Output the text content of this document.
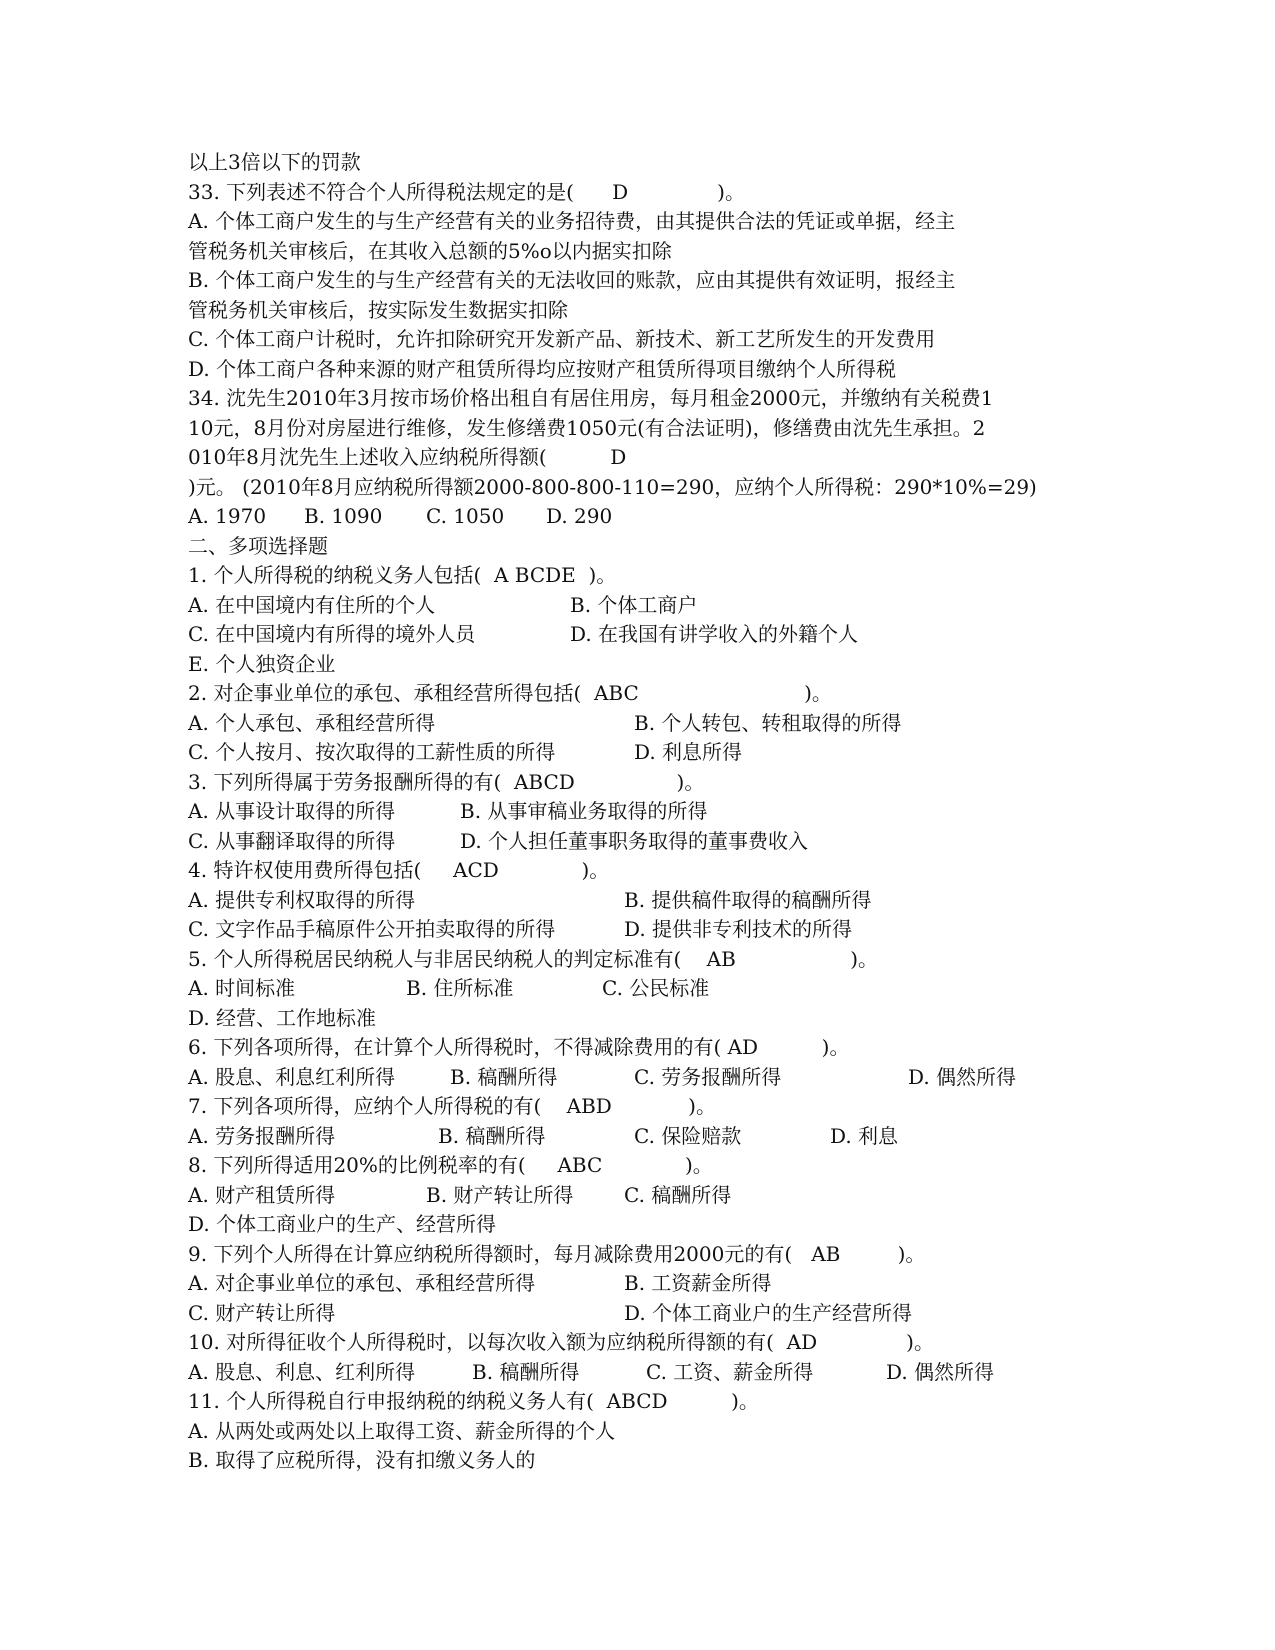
以上3倍以下的罚款
33. 下列表述不符合个人所得税法规定的是(      D              )。
A. 个体工商户发生的与生产经营有关的业务招待费，由其提供合法的凭证或单据，经主
管税务机关审核后，在其收入总额的5%o以内据实扣除
B. 个体工商户发生的与生产经营有关的无法收回的账款，应由其提供有效证明，报经主
管税务机关审核后，按实际发生数据实扣除
C. 个体工商户计税时，允许扣除研究开发新产品、新技术、新工艺所发生的开发费用
D. 个体工商户各种来源的财产租赁所得均应按财产租赁所得项目缴纳个人所得税
34. 沈先生2010年3月按市场价格出租自有居住用房，每月租金2000元，并缴纳有关税费1
10元，8月份对房屋进行维修，发生修缮费1050元(有合法证明)，修缮费由沈先生承担。2
010年8月沈先生上述收入应纳税所得额(          D
)元。 (2010年8月应纳税所得额2000-800-800-110=290，应纳个人所得税：290*10%=29)

A. 1970

B. 1090

C. 1050

D. 290

二、多项选择题
1. 个人所得税的纳税义务人包括(  A BCDE  )。

A. 在中国境内有住所的个人

	B. 个体工商户

C. 在中国境内有所得的境外人员

	D. 在我国有讲学收入的外籍个人

E. 个人独资企业
2. 对企事业单位的承包、承租经营所得包括(  ABC                          )。

A. 个人承包、承租经营所得

	B. 个人转包、转租取得的所得

C. 个人按月、按次取得的工薪性质的所得

	D. 利息所得

3. 下列所得属于劳务报酬所得的有(  ABCD                )。

A. 从事设计取得的所得

	B. 从事审稿业务取得的所得

C. 从事翻译取得的所得

	D. 个人担任董事职务取得的董事费收入

4. 特许权使用费所得包括(     ACD             )。

A. 提供专利权取得的所得

	B. 提供稿件取得的稿酬所得

C. 文字作品手稿原件公开拍卖取得的所得

	D. 提供非专利技术的所得

5. 个人所得税居民纳税人与非居民纳税人的判定标准有(    AB                  )。

A. 时间标准

	B. 住所标准

	C. 公民标准

D. 经营、工作地标准
6. 下列各项所得，在计算个人所得税时，不得减除费用的有( AD          )。

A. 股息、利息红利所得

	B. 稿酬所得

	C. 劳务报酬所得

	D. 偶然所得

7. 下列各项所得，应纳个人所得税的有(    ABD            )。

A. 劳务报酬所得

	B. 稿酬所得

	C. 保险赔款

	D. 利息

8. 下列所得适用20%的比例税率的有(     ABC             )。

A. 财产租赁所得

	B. 财产转让所得

	C. 稿酬所得

D. 个体工商业户的生产、经营所得
9. 下列个人所得在计算应纳税所得额时，每月减除费用2000元的有(   AB         )。

A. 对企事业单位的承包、承租经营所得

	B. 工资薪金所得

C. 财产转让所得

	D. 个体工商业户的生产经营所得

10. 对所得征收个人所得税时，以每次收入额为应纳税所得额的有(  AD              )。

A. 股息、利息、红利所得

	B. 稿酬所得

	C. 工资、薪金所得

	D. 偶然所得

11. 个人所得税自行申报纳税的纳税义务人有(  ABCD          )。
A. 从两处或两处以上取得工资、薪金所得的个人
B. 取得了应税所得，没有扣缴义务人的
